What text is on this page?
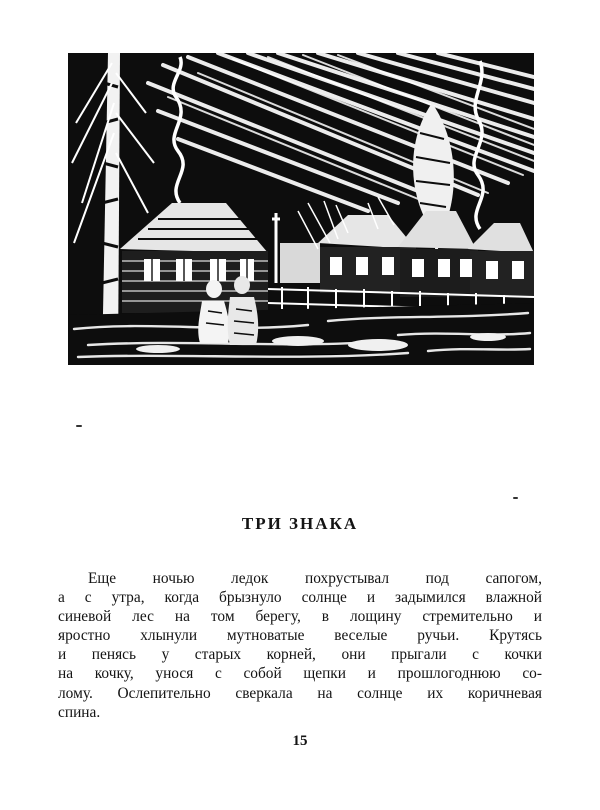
ТРИ ЗНАКА
Еще ночью ледок похрустывал под сапогом,
а с утра, когда брызнуло солнце и задымился влажной
синевой лес на том берегу, в лощину стремительно и
яростно хлынули мутноватые веселые ручьи. Крутясь
и пенясь у старых корней, они прыгали с кочки
на кочку, унося с собой щепки и прошлогоднюю со-
лому. Ослепительно сверкала на солнце их коричневая
спина.
15
